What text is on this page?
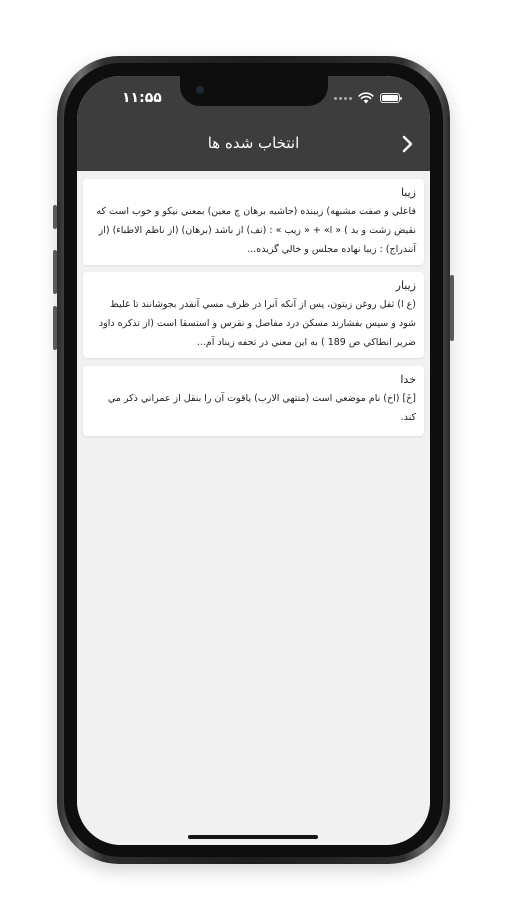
۱۱:۵۵
انتخاب شده ها
زیبا
فاعلي و صفت مشبهه) زيبنده (حاشيه برهان چ معين) بمعني نيكو و خوب است كه نقيض زشت و بد ) « ا» + « زيب » : (نف) از باشد (برهان) (از ناظم الاطباء) (از آنندراج) : زيبا نهاده مجلس و خالي گزيده...
زیبار
(ع ا) ثفل روغن زيتون، پس از آنكه آنرا در ظرف مسي آنقدر بجوشانند تا غليظ شود و سپس بفشارند مسكن درد مفاصل و نقرس و استسقا است (از تذكره داود ضرير انطاكي ص 189 ) به اين معني در تحفه زيناد آم...
خدا
[خَ] (اخ) نام موضعي است (منتهي الارب) ياقوت آن را بنقل از عمراني ذكر مي كند.
